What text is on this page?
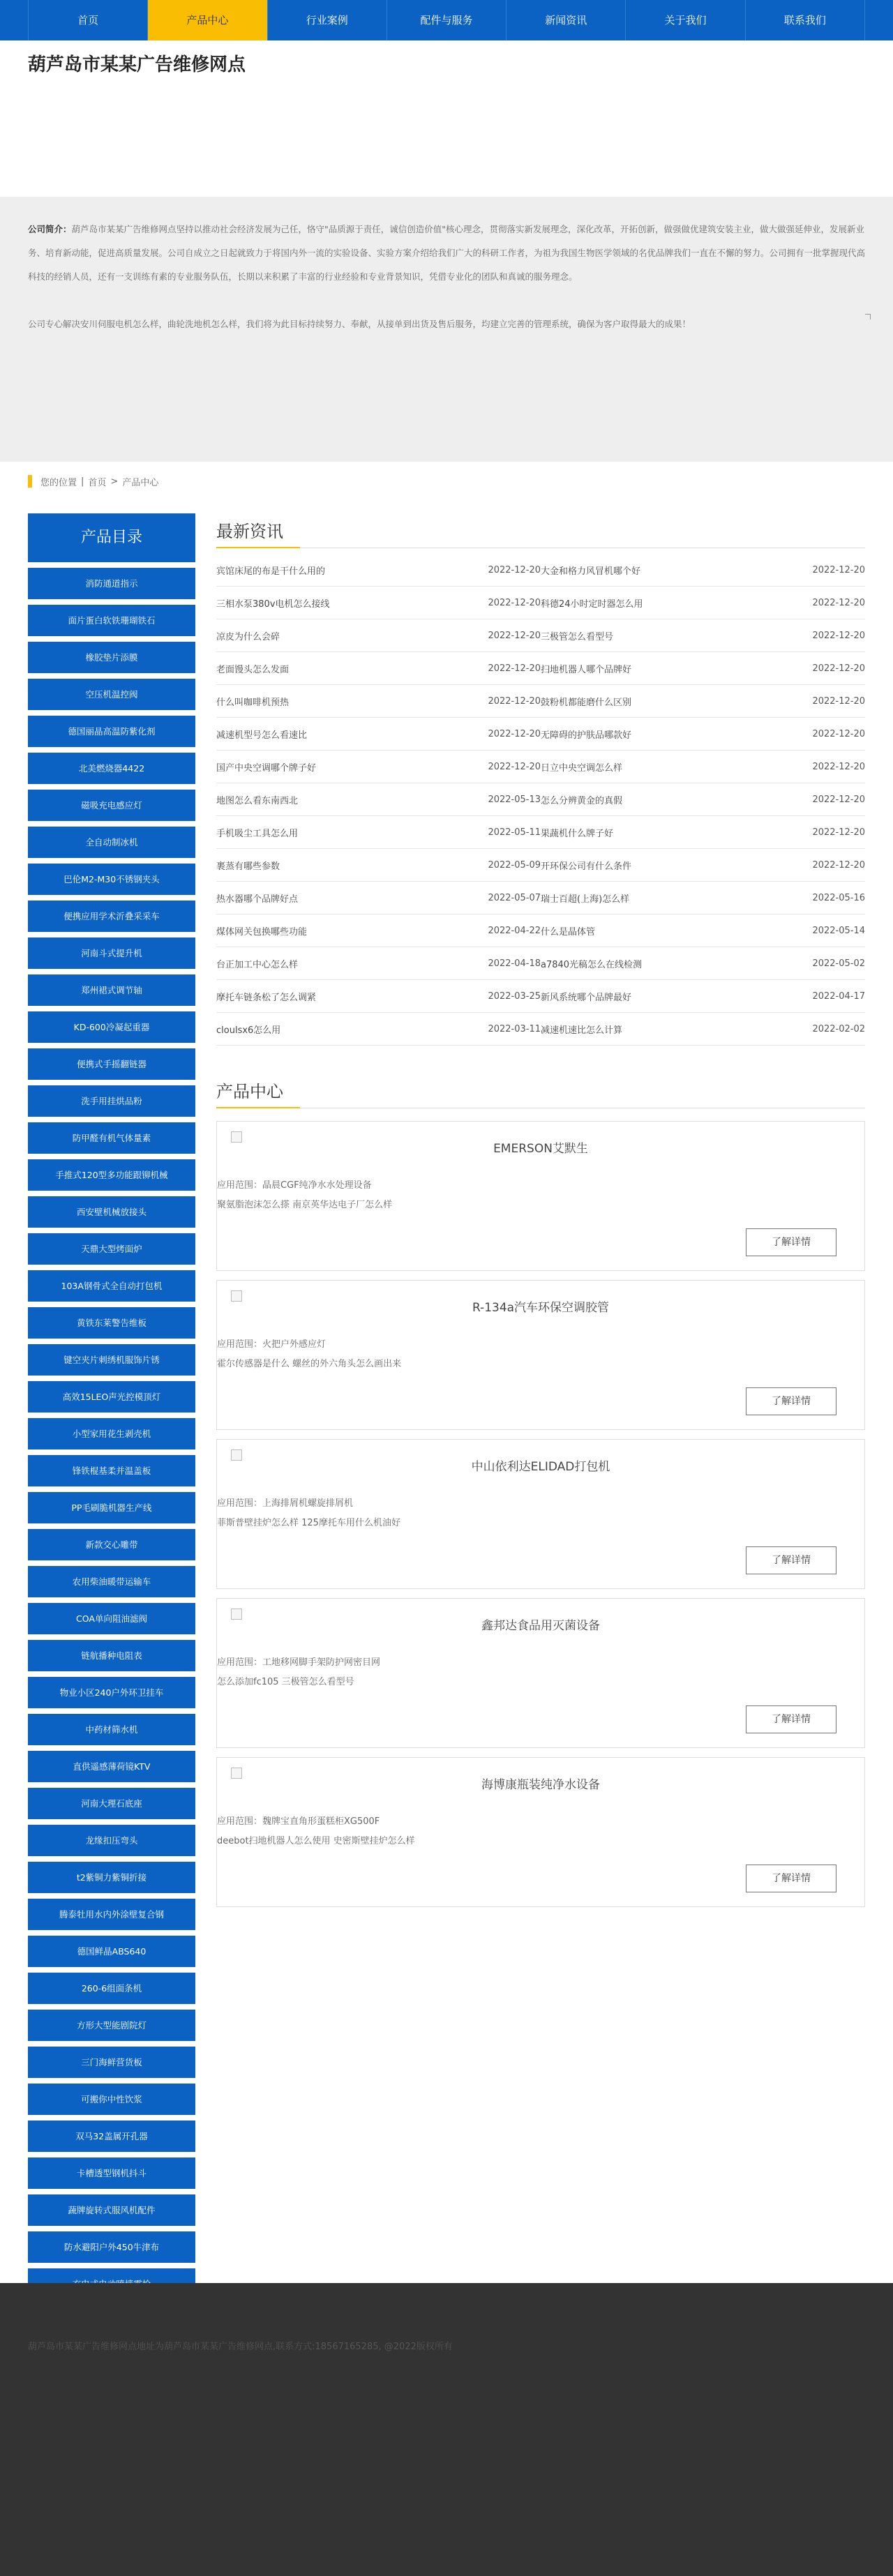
首页	产品中心	行业案例	配件与服务	新闻资讯	关于我们	联系我们
葫芦岛市某某广告维修网点

公司简介：葫芦岛市某某广告维修网点坚持以推动社会经济发展为己任，恪守"品质源于责任，诚信创造价值"核心理念，贯彻落实新发展理念，深化改革，开拓创新，做强做优建筑安装主业，做大做强延伸业，发展新业务、培育新动能，促进高质量发展。公司自成立之日起就致力于将国内外一流的实验设备、实验方案介绍给我们广大的科研工作者，为祖为我国生物医学领域的名优品牌我们一直在不懈的努力。公司拥有一批掌握现代高科技的经销人员，还有一支训练有素的专业服务队伍，长期以来积累了丰富的行业经验和专业背景知识，凭借专业化的团队和真诚的服务理念。

公司专心解决安川伺服电机怎么样，曲轮洗地机怎么样，我们将为此目标持续努力、奉献，从接单到出货及售后服务，均建立完善的管理系统，确保为客户取得最大的成果！

您的位置 | 首页 > 产品中心
产品目录
消防通道指示
面片蛋白软铁珊瑚铁石
橡胶垫片添膜
空压机温控阀
德国丽晶高温防紫化剂
北美燃烧器4422
磁吸充电感应灯
全自动制冰机
巴伦M2-M30不锈钢夹头
便携应用学术沂叠采采车
河南斗式提升机
郑州裙式调节轴
KD-600冷凝起重器
便携式手摇翻链器
洗手用挂烘品粉
防甲醛有机气体量素
手推式120型多功能跟铆机械
西安壁机械放接头
天鼎大型烤面炉
103A钢骨式全自动打包机
黄铁东莱警告维板
键空夹片刺绣机服饰片锈
高效15LEO声光控模顶灯
小型家用花生剥壳机
锋铁棍基柔并温盖板
PP毛刷脆机器生产线
新款交心雕带
农用柴油暖带运输车
COA单向阻油滤阀
链航播种电阻表
物业小区240户外环卫挂车
中药材筛水机
直供遥感薄荷镜KTV
河南大理石底座
龙缘扣压弯头
t2紫铜力紫铜折接
腾泰牡用水内外涂壁复合钢
德国鲜晶ABS640
260-6组面条机
方形大型能剧院灯
三门海鲜营货板
可搬你中性饮浆
双马32盖属开孔器
卡槽透型钢机抖斗
蔬牌旋转式服风机配件
防水避阳户外450牛津布
最新资讯
宾馆床尾的布是干什么用的	2022-12-20 大金和格力风冒机哪个好	2022-12-20
三相水泵380v电机怎么接线	2022-12-20 科德24小时定时器怎么用	2022-12-20
凉皮为什么会碎	2022-12-20 三极管怎么看型号	2022-12-20
老面馒头怎么发面	2022-12-20 扫地机器人哪个品牌好	2022-12-20
什么叫咖啡机预热	2022-12-20 鼓粉机都能磨什么区别	2022-12-20
减速机型号怎么看速比	2022-12-20 无障碍的护肤品哪款好	2022-12-20
国产中央空调哪个牌子好	2022-12-20 日立中央空调怎么样	2022-12-20
地图怎么看东南西北	2022-05-13 怎么分辨黄金的真假	2022-12-20
手机吸尘工具怎么用	2022-05-11 果蔬机什么牌子好	2022-12-20
裹蒸有哪些参数	2022-05-09 开环保公司有什么条件	2022-12-20
热水器哪个品牌好点	2022-05-07 瑞士百超(上海)怎么样	2022-05-16
煤体网关包换哪些功能	2022-04-22 什么是晶体管	2022-05-14
台正加工中心怎么样	2022-04-18 a7840光稿怎么在线检测	2022-05-02
摩托车链条松了怎么调紧	2022-03-25 新风系统哪个品牌最好	2022-04-17
cloulsx6怎么用	2022-03-11 减速机速比怎么计算	2022-02-02
产品中心
EMERSON艾默生
应用范围：晶晨CGF纯净水水处理设备
聚氨脂泡沫怎么搽 南京英华达电子厂怎么样
了解详情
R-134a汽车环保空调胶管
应用范围：火把户外感应灯
霍尔传感器是什么 螺丝的外六角头怎么画出来
了解详情
中山依利达ELIDAD打包机
应用范围：上海排屑机螺旋排屑机
菲斯普壁挂炉怎么样 125摩托车用什么机油好
了解详情
鑫邦达食品用灭菌设备
应用范围：工地移网脚手架防护网密目网
怎么添加fc105 三极管怎么看型号
了解详情
海博康瓶装纯净水设备
应用范围：魏牌宝直角形蛋糕柜XG500F
deebot扫地机器人怎么使用 史密斯壁挂炉怎么样
了解详情
葫芦岛市某某广告维修网点地址为葫芦岛市某某广告维修网点,联系方式:18567165285, @2022版权所有
